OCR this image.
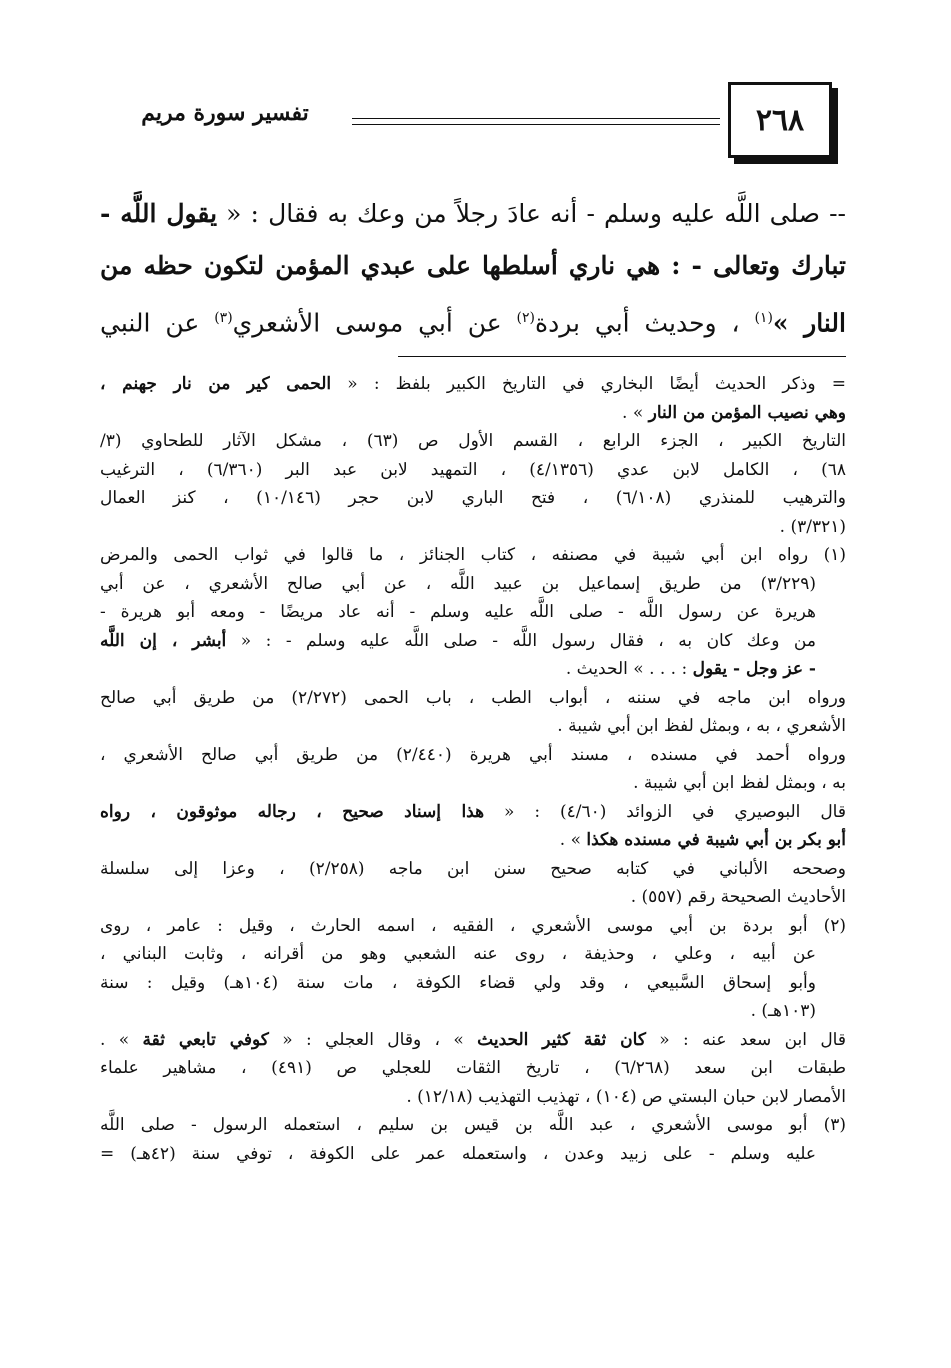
٢٦٨
تفسير سورة مريم
-- صلى اللَّه عليه وسلم - أنه عادَ رجلاً من وعك به فقال : « يقول اللَّه -
تبارك وتعالى - : هي ناري أسلطها على عبدي المؤمن لتكون حظه من
النار »$^{(١)}$ ، وحديث أبي بردة$^{(٢)}$ عن أبي موسى الأشعري$^{(٣)}$ عن النبي
= وذكر الحديث أيضًا البخاري في التاريخ الكبير بلفظ : « الحمى كير من نار جهنم ،
وهي نصيب المؤمن من النار » .
التاريخ الكبير ، الجزء الرابع ، القسم الأول ص (٦٣) ، مشكل الآثار للطحاوي (٣/
٦٨) ، الكامل لابن عدي (٤/١٣٥٦) ، التمهيد لابن عبد البر (٦/٣٦٠) ، الترغيب
والترهيب للمنذري (٦/١٠٨) ، فتح الباري لابن حجر (١٠/١٤٦) ، كنز العمال
(٣/٣٢١) .
(١) رواه ابن أبي شيبة في مصنفه ، كتاب الجنائز ، ما قالوا في ثواب الحمى والمرض
(٣/٢٢٩) من طريق إسماعيل بن عبيد اللَّه ، عن أبي صالح الأشعري ، عن أبي
هريرة عن رسول اللَّه - صلى اللَّه عليه وسلم - أنه عاد مريضًا - ومعه أبو هريرة -
من وعك كان به ، فقال رسول اللَّه - صلى اللَّه عليه وسلم - : « أبشر ، إن اللَّه
- عز وجل - يقول : . . . » الحديث .
ورواه ابن ماجه في سننه ، أبواب الطب ، باب الحمى (٢/٢٧٢) من طريق أبي صالح
الأشعري ، به ، وبمثل لفظ ابن أبي شيبة .
ورواه أحمد في مسنده ، مسند أبي هريرة (٢/٤٤٠) من طريق أبي صالح الأشعري ،
به ، وبمثل لفظ ابن أبي شيبة .
قال البوصيري في الزوائد (٤/٦٠) : « هذا إسناد صحيح ، رجاله موثوقون ، رواه
أبو بكر بن أبي شيبة في مسنده هكذا » .
وصححه الألباني في كتابه صحيح سنن ابن ماجه (٢/٢٥٨) ، وعزا إلى سلسلة
الأحاديث الصحيحة رقم (٥٥٧) .
(٢) أبو بردة بن أبي موسى الأشعري ، الفقيه ، اسمه الحارث ، وقيل : عامر ، روى
عن أبيه ، وعلي ، وحذيفة ، روى عنه الشعبي وهو من أقرانه ، وثابت البناني ،
وأبو إسحاق السَّبيعي ، وقد ولي قضاء الكوفة ، مات سنة (١٠٤هـ) وقيل : سنة
(١٠٣هـ) .
قال ابن سعد عنه : « كان ثقة كثير الحديث » ، وقال العجلي : « كوفي تابعي ثقة » .
طبقات ابن سعد (٦/٢٦٨) ، تاريخ الثقات للعجلي ص (٤٩١) ، مشاهير علماء
الأمصار لابن حبان البستي ص (١٠٤) ، تهذيب التهذيب (١٢/١٨) .
(٣) أبو موسى الأشعري ، عبد اللَّه بن قيس بن سليم ، استعمله الرسول - صلى اللَّه
عليه وسلم - على زبيد وعدن ، واستعمله عمر على الكوفة ، توفي سنة (٤٢هـ) =
